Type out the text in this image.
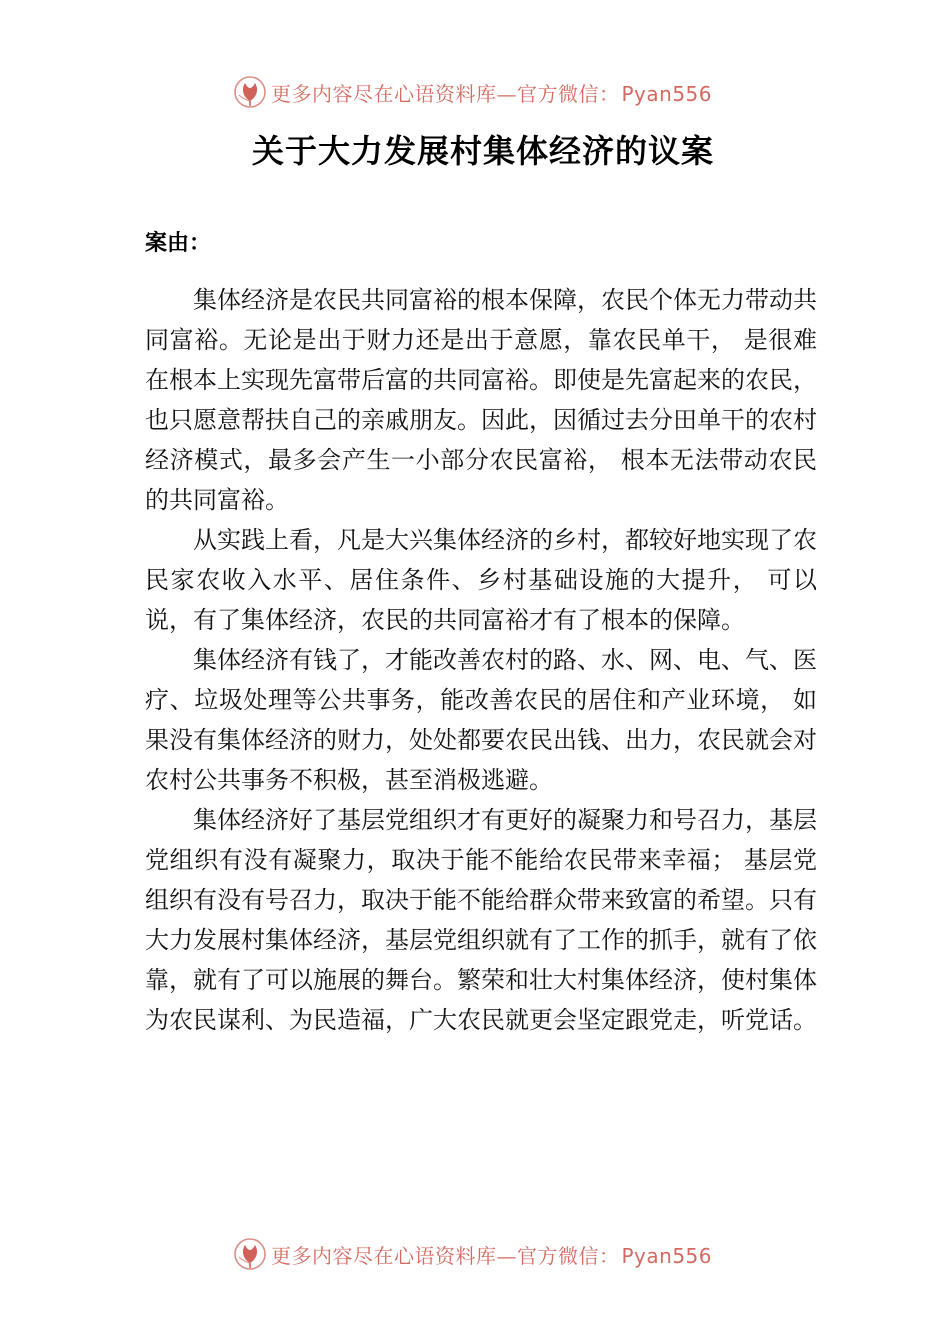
更多内容尽在心语资料库—官方微信： Pyan556
关于大力发展村集体经济的议案
案由：

集体经济是农民共同富裕的根本保障，农民个体无力带动共同富裕。无论是出于财力还是出于意愿，靠农民单干， 是很难在根本上实现先富带后富的共同富裕。即使是先富起来的农民，也只愿意帮扶自己的亲戚朋友。因此，因循过去分田单干的农村经济模式，最多会产生一小部分农民富裕， 根本无法带动农民的共同富裕。

从实践上看，凡是大兴集体经济的乡村，都较好地实现了农民家农收入水平、居住条件、乡村基础设施的大提升， 可以说，有了集体经济，农民的共同富裕才有了根本的保障。

集体经济有钱了，才能改善农村的路、水、网、电、气、医疗、垃圾处理等公共事务，能改善农民的居住和产业环境， 如果没有集体经济的财力，处处都要农民出钱、出力，农民就会对农村公共事务不积极，甚至消极逃避。

集体经济好了基层党组织才有更好的凝聚力和号召力，基层党组织有没有凝聚力，取决于能不能给农民带来幸福； 基层党组织有没有号召力，取决于能不能给群众带来致富的希望。只有大力发展村集体经济，基层党组织就有了工作的抓手，就有了依靠，就有了可以施展的舞台。繁荣和壮大村集体经济，使村集体为农民谋利、为民造福，广大农民就更会坚定跟党走，听党话。

更多内容尽在心语资料库—官方微信： Pyan556
